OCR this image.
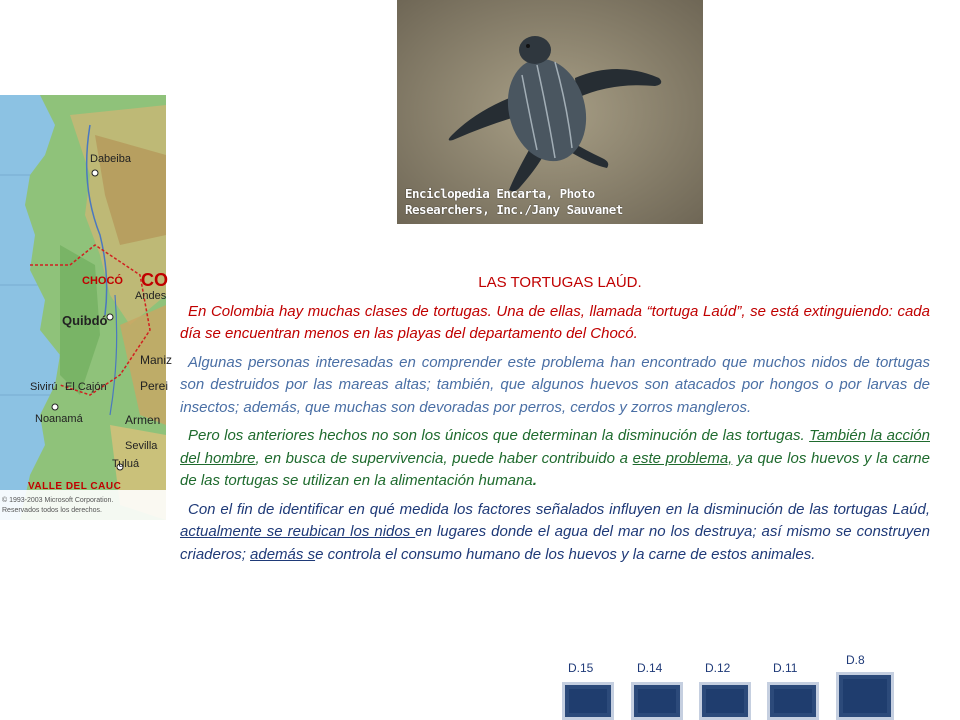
Dabeiba
CHOCÓ CO
Andes
Quibdó
Maniz
Sivirú El Cajón	Perei
Noanamá	Armen
Sevilla
Tuluá
VALLE DEL CAUC
© 1993-2003 Microsoft Corporation.
Reservados todos los derechos.
Enciclopedia Encarta, Photo
Researchers, Inc./Jany Sauvanet
LAS TORTUGAS LAÚD.

En Colombia hay muchas clases de tortugas. Una de ellas, llamada “tortuga Laúd”, se está extinguiendo: cada día se encuentran menos en las playas del departamento del Chocó.

Algunas personas interesadas en comprender este problema han encontrado que muchos nidos de tortugas son destruidos por las mareas altas; también, que algunos huevos son atacados por hongos o por larvas de insectos; además, que muchas son devoradas por perros, cerdos y zorros mangleros.

Pero los anteriores hechos no son los únicos que determinan la disminución de las tortugas. También la acción del hombre, en busca de supervivencia, puede haber contribuido a este problema, ya que los huevos y la carne de las tortugas se utilizan en la alimentación humana.

Con el fin de identificar en qué medida los factores señalados influyen en la disminución de las tortugas Laúd, actualmente se reubican los nidos en lugares donde el agua del mar no los destruya; así mismo se construyen criaderos; además se controla el consumo humano de los huevos y la carne de estos animales.

D.15	D.14	D.12	D.11
D.8
